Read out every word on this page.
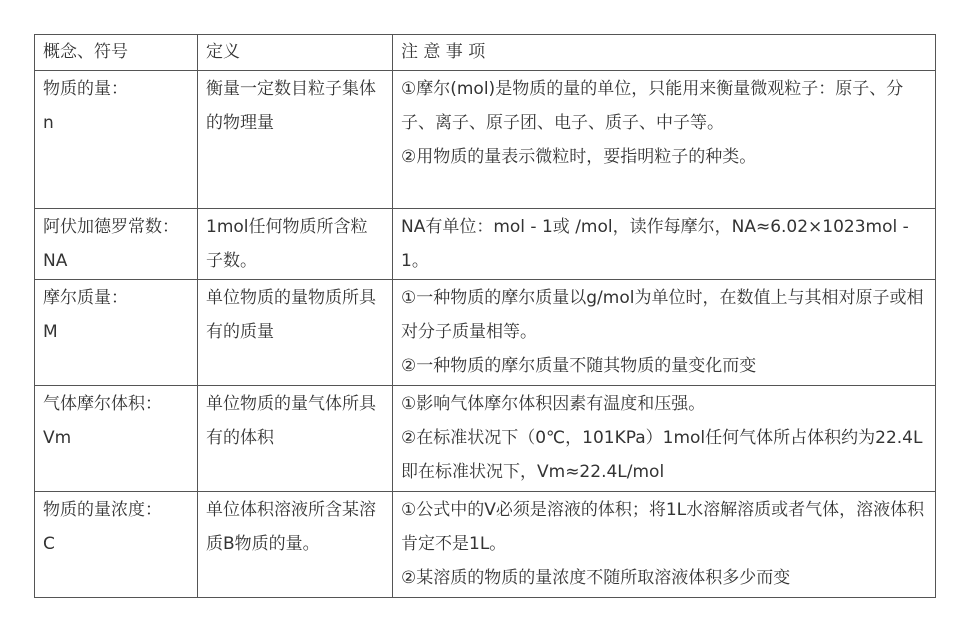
概念、符号	定义	注 意 事 项

物质的量：
n	衡量一定数目粒子集体的物理量	①摩尔(mol)是物质的量的单位，只能用来衡量微观粒子：原子、分子、离子、原子团、电子、质子、中子等。
②用物质的量表示微粒时，要指明粒子的种类。

阿伏加德罗常数：
NA	1mol任何物质所含粒子数。	NA有单位：mol - 1或 /mol，读作每摩尔，NA≈6.02×1023mol - 1。

摩尔质量：
M	单位物质的量物质所具有的质量	①一种物质的摩尔质量以g/mol为单位时，在数值上与其相对原子或相对分子质量相等。
②一种物质的摩尔质量不随其物质的量变化而变

气体摩尔体积：
Vm	单位物质的量气体所具有的体积	①影响气体摩尔体积因素有温度和压强。
②在标准状况下（0℃，101KPa）1mol任何气体所占体积约为22.4L即在标准状况下，Vm≈22.4L/mol

物质的量浓度：
C	单位体积溶液所含某溶质B物质的量。	①公式中的V必须是溶液的体积；将1L水溶解溶质或者气体，溶液体积肯定不是1L。
②某溶质的物质的量浓度不随所取溶液体积多少而变
